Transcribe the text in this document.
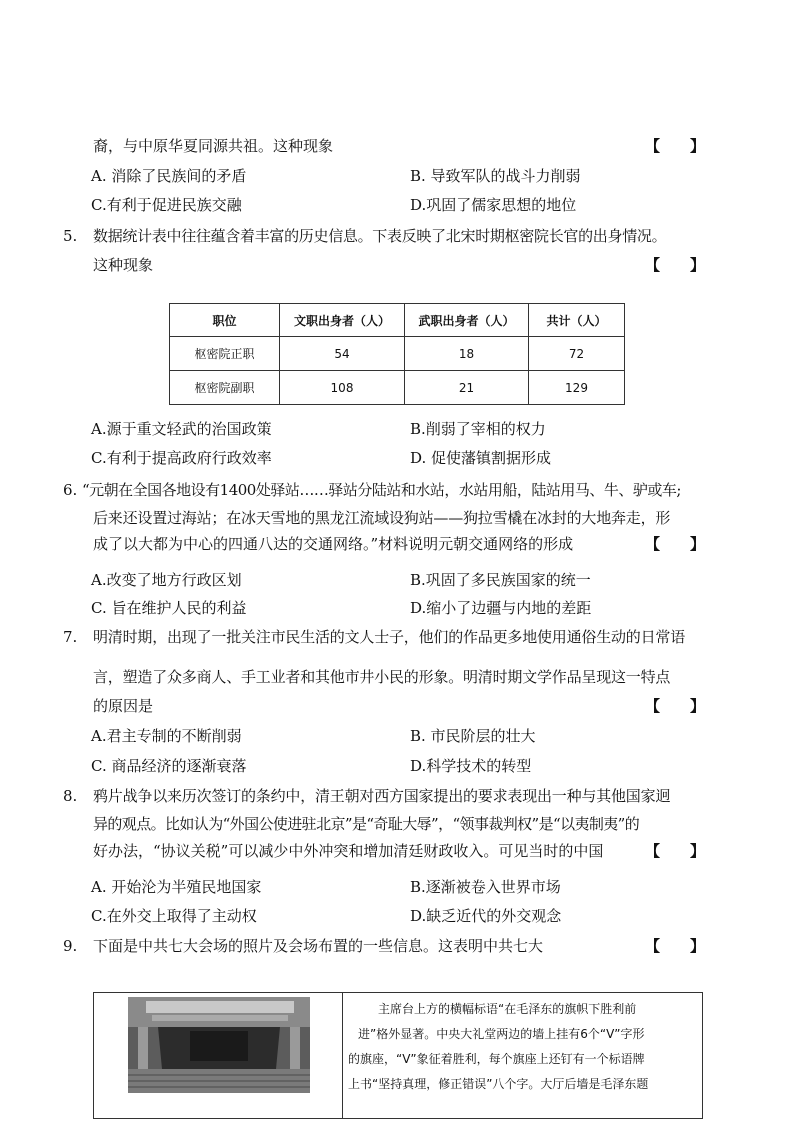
裔，与中原华夏同源共祖。这种现象	【　　】
A. 消除了民族间的矛盾	B. 导致军队的战斗力削弱
C.有利于促进民族交融	D.巩固了儒家思想的地位
5. 数据统计表中往往蕴含着丰富的历史信息。下表反映了北宋时期枢密院长官的出身情况。
这种现象	【　　】
职位	文职出身者（人）	武职出身者（人）	共计（人）
枢密院正职	54	18	72
枢密院副职	108	21	129
A.源于重文轻武的治国政策	B.削弱了宰相的权力
C.有利于提高政府行政效率	D. 促使藩镇割据形成
6. “元朝在全国各地设有1400处驿站……驿站分陆站和水站，水站用船，陆站用马、牛、驴或车;
后来还设置过海站；在冰天雪地的黑龙江流域设狗站——狗拉雪橇在冰封的大地奔走，形
成了以大都为中心的四通八达的交通网络。”材料说明元朝交通网络的形成	【　　】
A.改变了地方行政区划	B.巩固了多民族国家的统一
C. 旨在维护人民的利益	D.缩小了边疆与内地的差距
7. 明清时期，出现了一批关注市民生活的文人士子，他们的作品更多地使用通俗生动的日常语
言，塑造了众多商人、手工业者和其他市井小民的形象。明清时期文学作品呈现这一特点
的原因是	【　　】
A.君主专制的不断削弱	B. 市民阶层的壮大
C. 商品经济的逐渐衰落	D.科学技术的转型
8. 鸦片战争以来历次签订的条约中，清王朝对西方国家提出的要求表现出一种与其他国家迥
异的观点。比如认为“外国公使进驻北京”是“奇耻大辱”，“领事裁判权”是“以夷制夷”的
好办法，“协议关税”可以减少中外冲突和增加清廷财政收入。可见当时的中国	【　　】
A. 开始沦为半殖民地国家	B.逐渐被卷入世界市场
C.在外交上取得了主动权	D.缺乏近代的外交观念
9. 下面是中共七大会场的照片及会场布置的一些信息。这表明中共七大	【　　】
主席台上方的横幅标语“在毛泽东的旗帜下胜利前
进”格外显著。中央大礼堂两边的墙上挂有6个“V”字形
的旗座，“V”象征着胜利，每个旗座上还钉有一个标语牌
上书“坚持真理，修正错误”八个字。大厅后墙是毛泽东题
